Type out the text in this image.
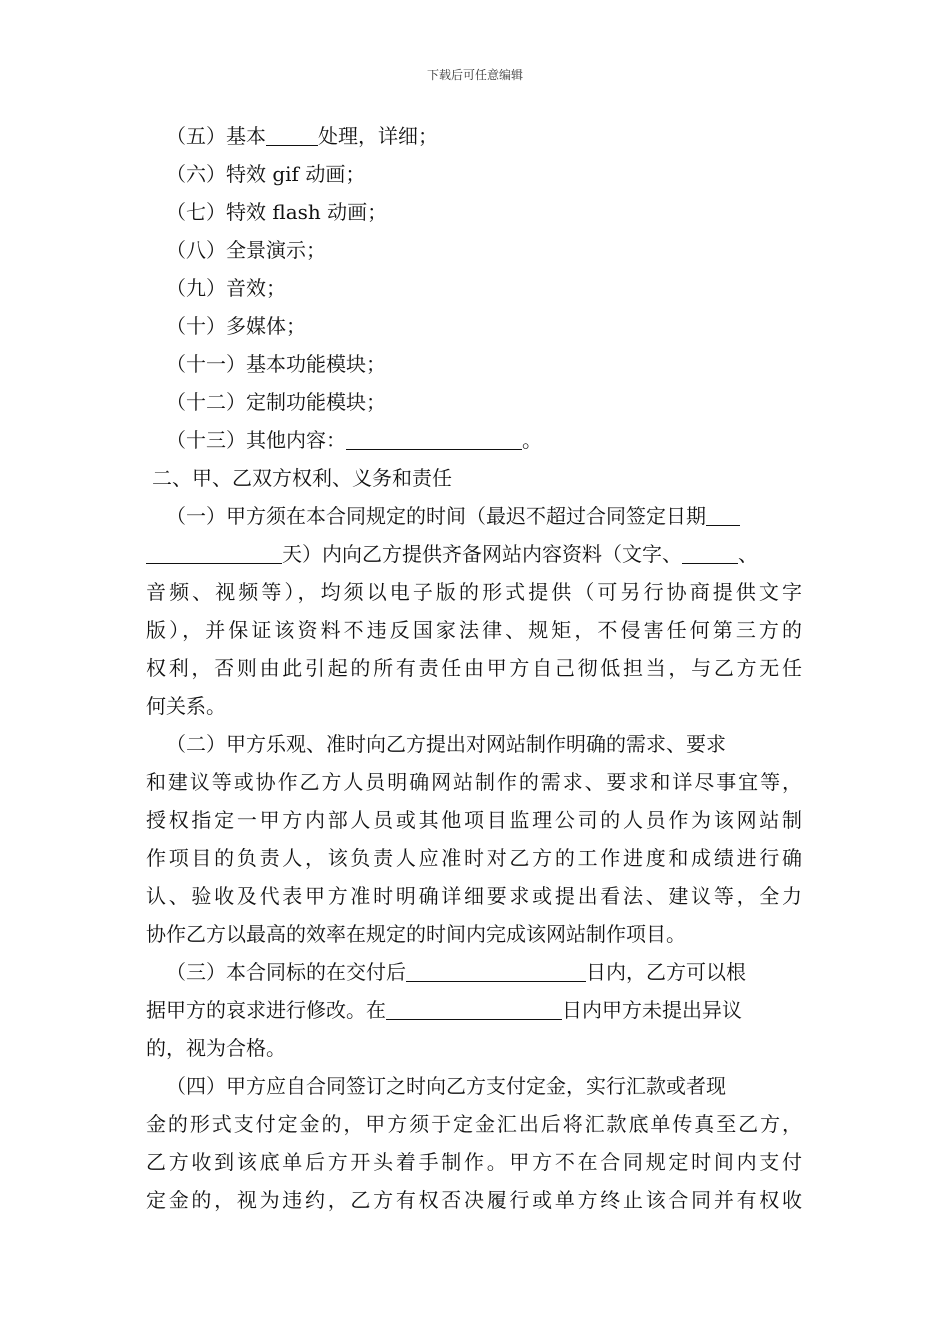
下载后可任意编辑
（五）基本	处理，详细；
（六）特效 gif 动画；
（七）特效 flash 动画；
（八）全景演示；
（九）音效；
（十）多媒体；
（十一）基本功能模块；
（十二）定制功能模块；
（十三）其他内容：	。
二、甲、乙双方权利、义务和责任
（一）甲方须在本合同规定的时间（最迟不超过合同签定日期
天）内向乙方提供齐备网站内容资料（文字、	、
音频、视频等），均须以电子版的形式提供（可另行协商提供文字
版），并保证该资料不违反国家法律、规矩，不侵害任何第三方的
权利，否则由此引起的所有责任由甲方自己彻低担当，与乙方无任
何关系。
（二）甲方乐观、准时向乙方提出对网站制作明确的需求、要求
和建议等或协作乙方人员明确网站制作的需求、要求和详尽事宜等，
授权指定一甲方内部人员或其他项目监理公司的人员作为该网站制
作项目的负责人，该负责人应准时对乙方的工作进度和成绩进行确
认、验收及代表甲方准时明确详细要求或提出看法、建议等，全力
协作乙方以最高的效率在规定的时间内完成该网站制作项目。
（三）本合同标的在交付后	日内，乙方可以根
据甲方的哀求进行修改。在	日内甲方未提出异议
的，视为合格。
（四）甲方应自合同签订之时向乙方支付定金，实行汇款或者现
金的形式支付定金的，甲方须于定金汇出后将汇款底单传真至乙方，
乙方收到该底单后方开头着手制作。甲方不在合同规定时间内支付
定金的，视为违约，乙方有权否决履行或单方终止该合同并有权收
